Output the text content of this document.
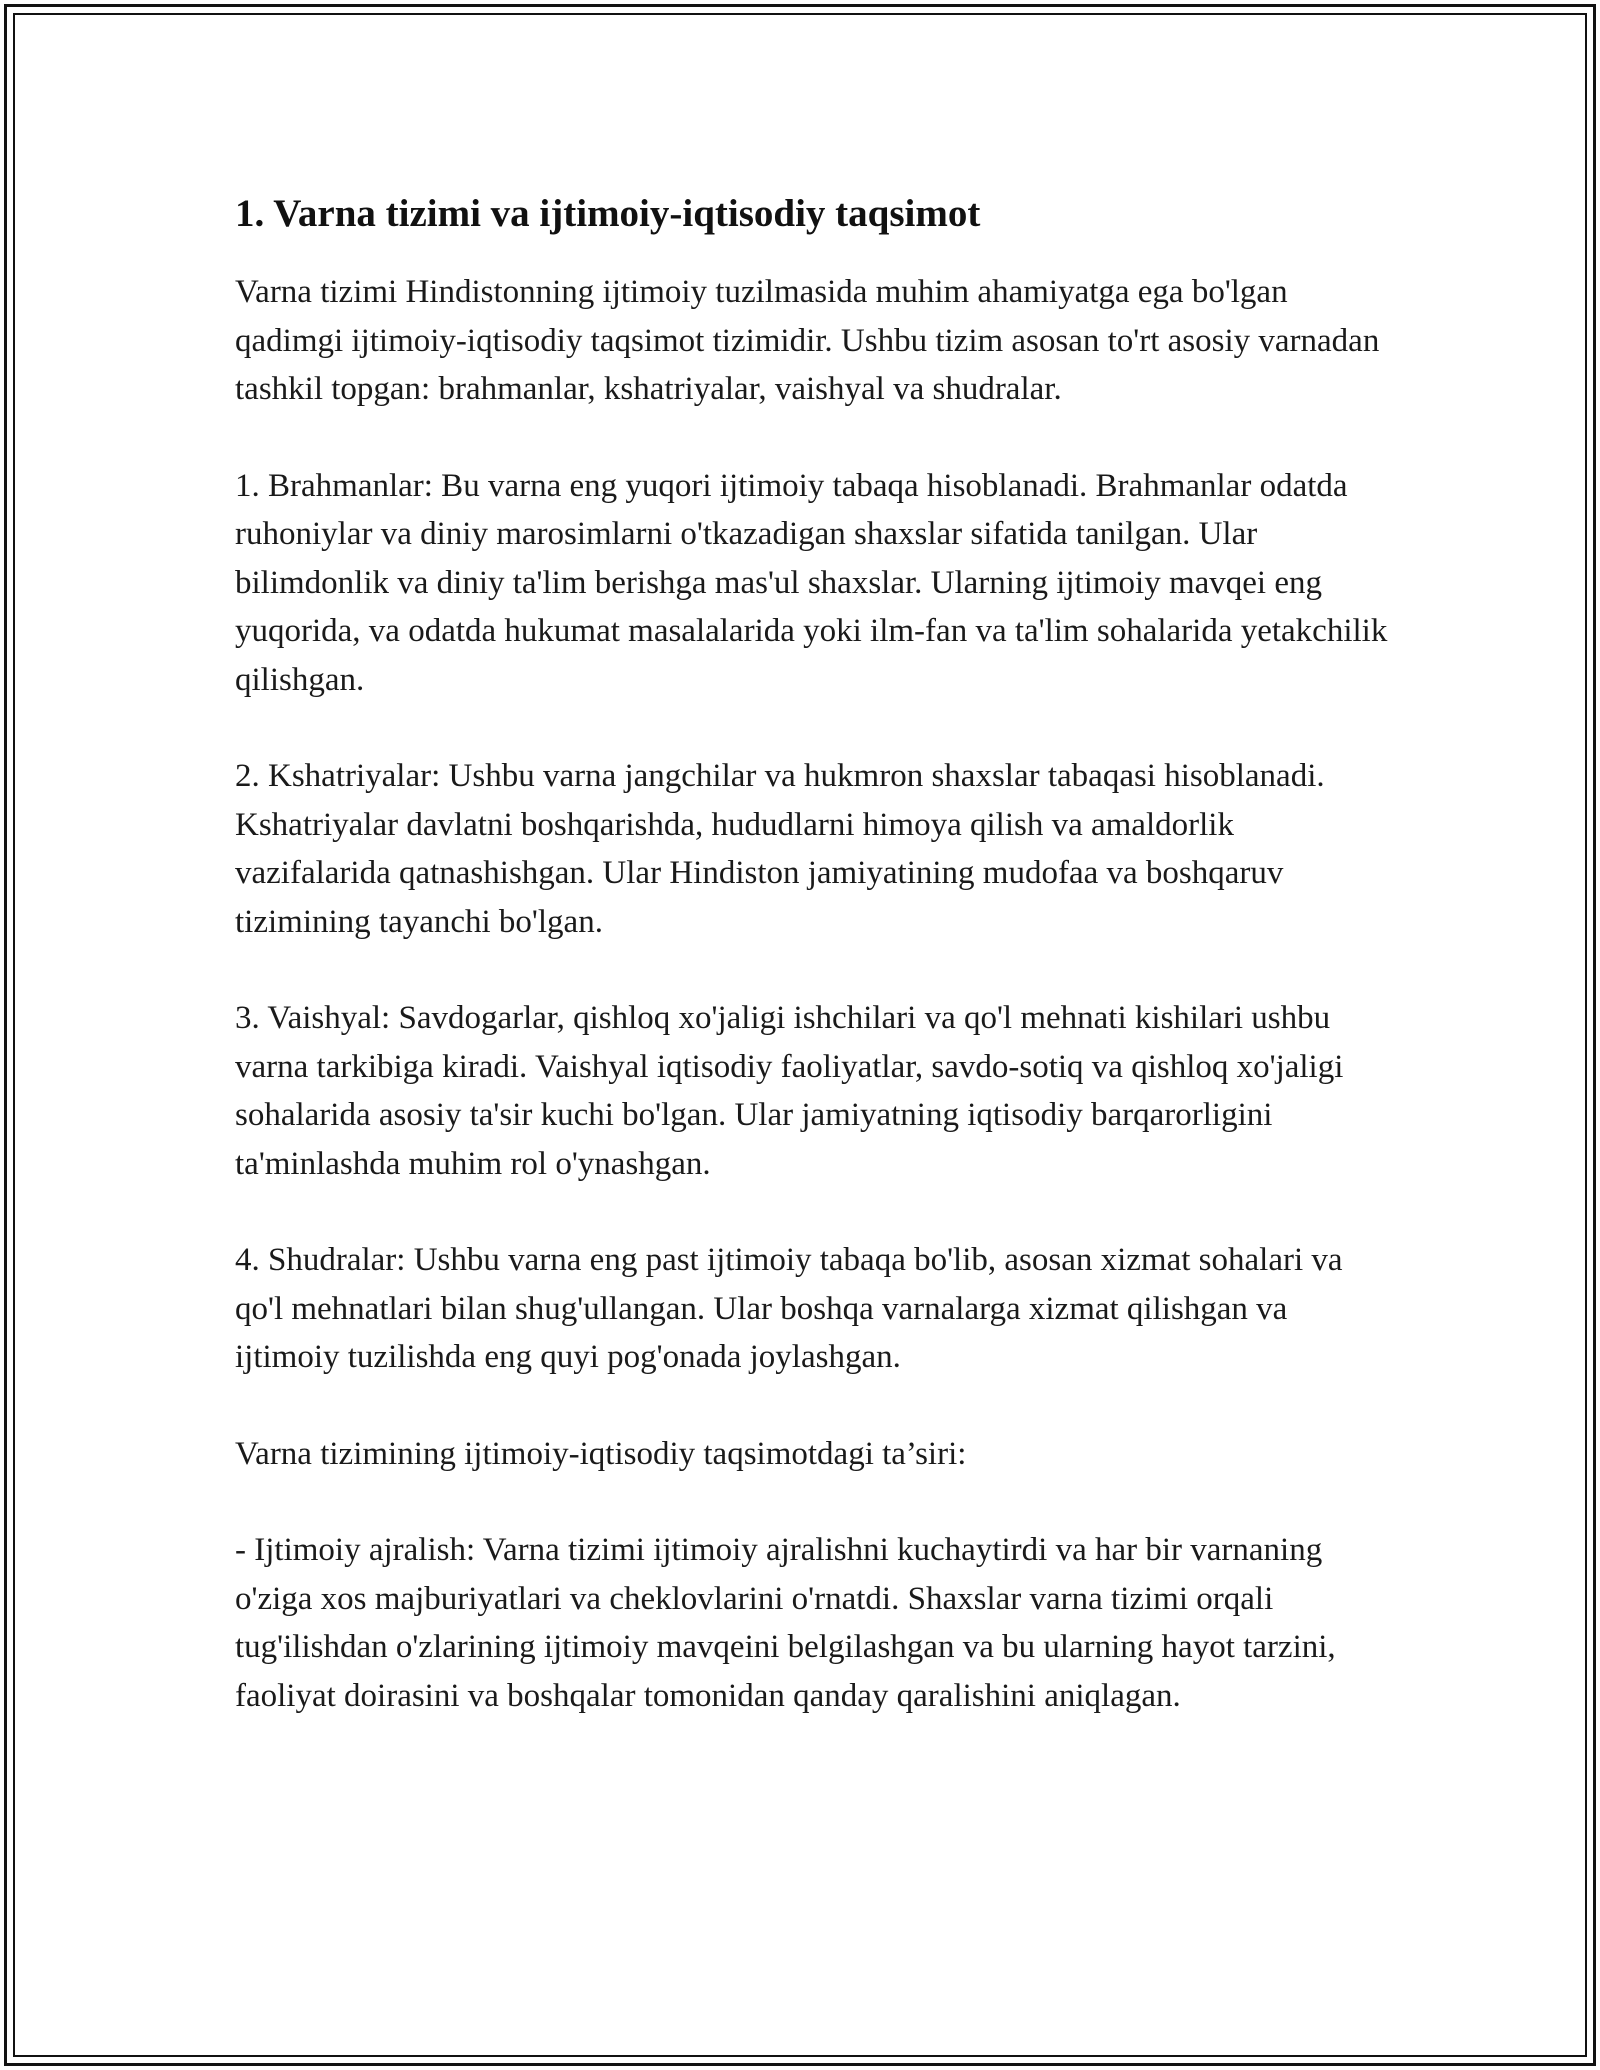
1. Varna tizimi va ijtimoiy-iqtisodiy taqsimot

Varna tizimi Hindistonning ijtimoiy tuzilmasida muhim ahamiyatga ega bo'lgan qadimgi ijtimoiy-iqtisodiy taqsimot tizimidir. Ushbu tizim asosan to'rt asosiy varnadan tashkil topgan: brahmanlar, kshatriyalar, vaishyal va shudralar.

1. Brahmanlar: Bu varna eng yuqori ijtimoiy tabaqa hisoblanadi. Brahmanlar odatda ruhoniylar va diniy marosimlarni o'tkazadigan shaxslar sifatida tanilgan. Ular bilimdonlik va diniy ta'lim berishga mas'ul shaxslar. Ularning ijtimoiy mavqei eng yuqorida, va odatda hukumat masalalarida yoki ilm-fan va ta'lim sohalarida yetakchilik qilishgan.

2. Kshatriyalar: Ushbu varna jangchilar va hukmron shaxslar tabaqasi hisoblanadi. Kshatriyalar davlatni boshqarishda, hududlarni himoya qilish va amaldorlik vazifalarida qatnashishgan. Ular Hindiston jamiyatining mudofaa va boshqaruv tizimining tayanchi bo'lgan.

3. Vaishyal: Savdogarlar, qishloq xo'jaligi ishchilari va qo'l mehnati kishilari ushbu varna tarkibiga kiradi. Vaishyal iqtisodiy faoliyatlar, savdo-sotiq va qishloq xo'jaligi sohalarida asosiy ta'sir kuchi bo'lgan. Ular jamiyatning iqtisodiy barqarorligini ta'minlashda muhim rol o'ynashgan.

4. Shudralar: Ushbu varna eng past ijtimoiy tabaqa bo'lib, asosan xizmat sohalari va qo'l mehnatlari bilan shug'ullangan. Ular boshqa varnalarga xizmat qilishgan va ijtimoiy tuzilishda eng quyi pog'onada joylashgan.

Varna tizimining ijtimoiy-iqtisodiy taqsimotdagi ta’siri:

- Ijtimoiy ajralish: Varna tizimi ijtimoiy ajralishni kuchaytirdi va har bir varnaning o'ziga xos majburiyatlari va cheklovlarini o'rnatdi. Shaxslar varna tizimi orqali tug'ilishdan o'zlarining ijtimoiy mavqeini belgilashgan va bu ularning hayot tarzini, faoliyat doirasini va boshqalar tomonidan qanday qaralishini aniqlagan.
